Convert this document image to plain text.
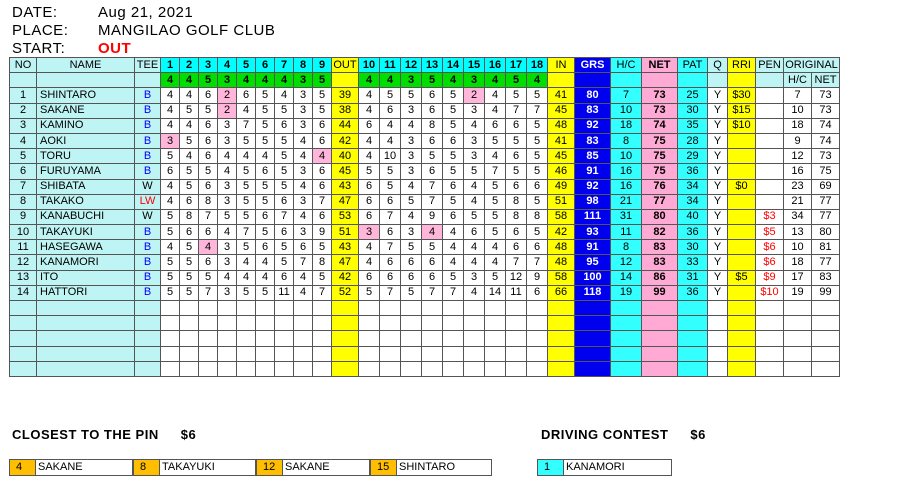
DATE:	Aug 21, 2021
PLACE: MANGILAO GOLF CLUB
START: OUT
NO	NAME	TEE	1	2	3	4	5	6	7	8	9	OUT	10	11	12	13	14	15	16	17	18	IN	GRS	H/C	NET	PAT	Q	RRI	PEN	ORIGINAL	
			4	4	5	3	4	4	4	3	5		4	4	3	5	4	3	4	5	4									H/C	NET
1	SHINTARO	B	4	4	6	2	6	5	4	3	5	39	4	5	5	6	5	2	4	5	5	41	80	7	73	25	Y	$30		7	73
2	SAKANE	B	4	5	5	2	4	5	5	3	5	38	4	6	3	6	5	3	4	7	7	45	83	10	73	30	Y	$15		10	73
3	KAMINO	B	4	4	6	3	7	5	6	3	6	44	6	4	4	8	5	4	6	6	5	48	92	18	74	35	Y	$10		18	74
4	AOKI	B	3	5	6	3	5	5	5	4	6	42	4	4	3	6	6	3	5	5	5	41	83	8	75	28	Y			9	74
5	TORU	B	5	4	6	4	4	4	5	4	4	40	4	10	3	5	5	3	4	6	5	45	85	10	75	29	Y			12	73
6	FURUYAMA	B	6	5	5	4	5	6	5	3	6	45	5	5	3	6	5	5	7	5	5	46	91	16	75	36	Y			16	75
7	SHIBATA	W	4	5	6	3	5	5	5	4	6	43	6	5	4	7	6	4	5	6	6	49	92	16	76	34	Y	$0		23	69
8	TAKAKO	LW	4	6	8	3	5	5	6	3	7	47	6	6	5	7	5	4	5	8	5	51	98	21	77	34	Y			21	77
9	KANABUCHI	W	5	8	7	5	5	6	7	4	6	53	6	7	4	9	6	5	5	8	8	58	111	31	80	40	Y		$3	34	77
10	TAKAYUKI	B	5	6	6	4	7	5	6	3	9	51	3	6	3	4	4	6	5	6	5	42	93	11	82	36	Y		$5	13	80
11	HASEGAWA	B	4	5	4	3	5	6	5	6	5	43	4	7	5	5	4	4	4	6	6	48	91	8	83	30	Y		$6	10	81
12	KANAMORI	B	5	5	6	3	4	4	5	7	8	47	4	6	6	6	4	4	4	7	7	48	95	12	83	33	Y		$6	18	77
13	ITO	B	5	5	5	4	4	4	6	4	5	42	6	6	6	6	5	3	5	12	9	58	100	14	86	31	Y	$5	$9	17	83
14	HATTORI	B	5	5	7	3	5	5	11	4	7	52	5	7	5	7	7	4	14	11	6	66	118	19	99	36	Y		$10	19	99

CLOSEST TO THE PIN $6	DRIVING CONTEST $6
4	SAKANE	8	TAKAYUKI	12 SAKANE	15 SHINTARO	1	KANAMORI
